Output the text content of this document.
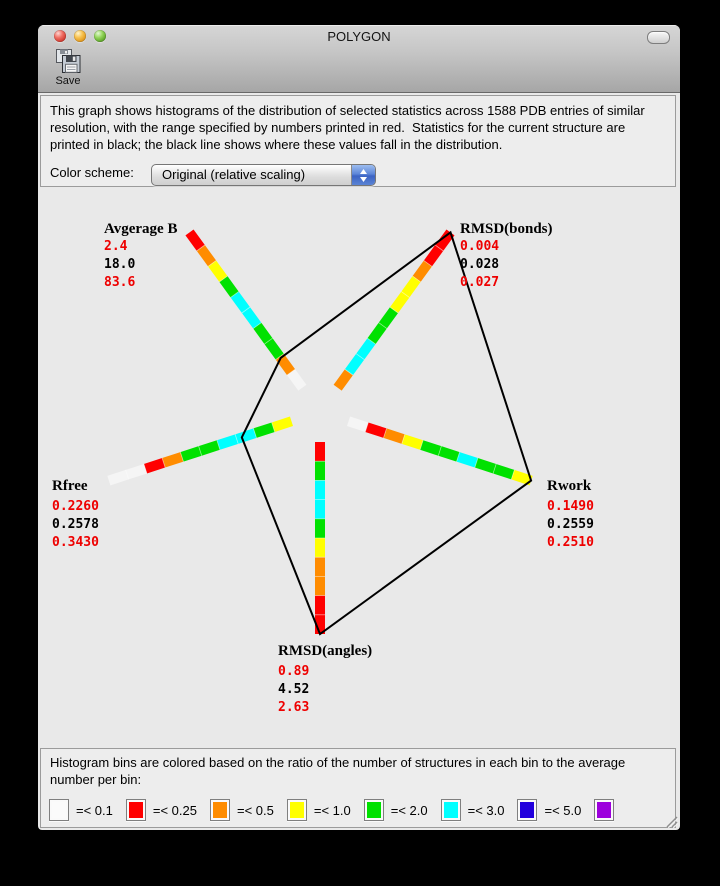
POLYGON
Save

This graph shows histograms of the distribution of selected statistics across 1588 PDB entries of similar resolution, with the range specified by numbers printed in red.  Statistics for the current structure are printed in black; the black line shows where these values fall in the distribution.

Color scheme:	Original (relative scaling)
Avgerage B
2.4
18.0
83.6
RMSD(bonds)
0.004
0.028
0.027
Rwork
0.1490
0.2559
0.2510
RMSD(angles)
0.89
4.52
2.63
Rfree
0.2260
0.2578
0.3430

Histogram bins are colored based on the ratio of the number of structures in each bin to the average number per bin:

=< 0.1	=< 0.25	=< 0.5	=< 1.0	=< 2.0	=< 3.0	=< 5.0
